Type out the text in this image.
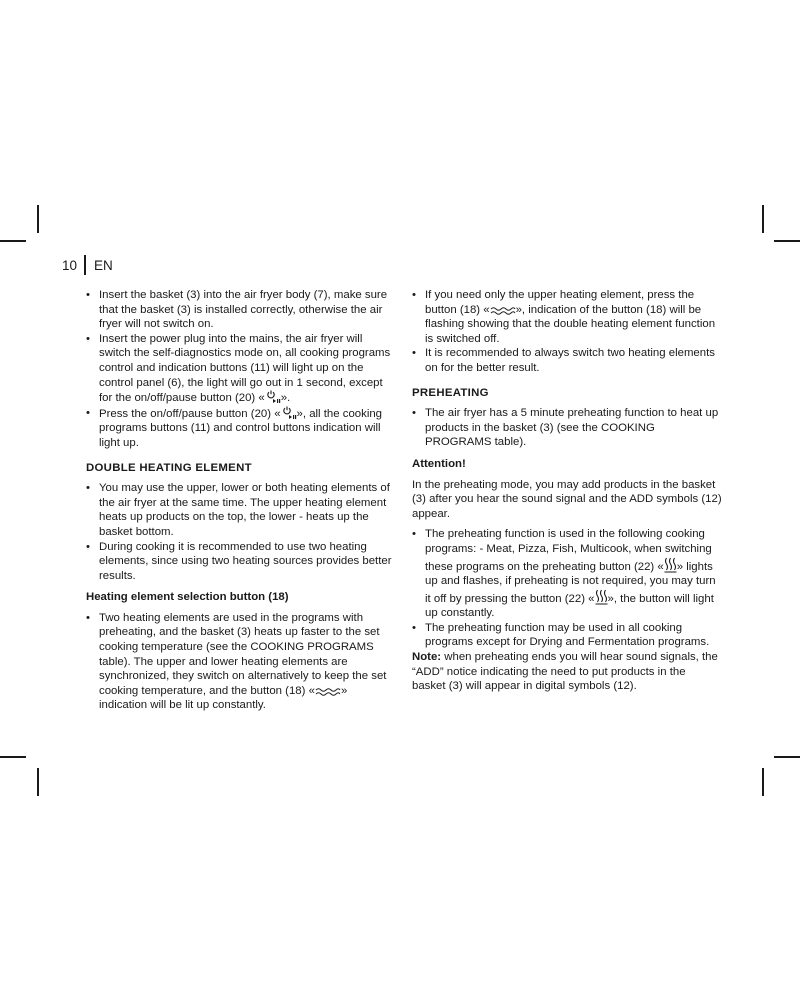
10 EN
• Insert the basket (3) into the air fryer body (7), make sure that the basket (3) is installed correctly, otherwise the air fryer will not switch on.
• Insert the power plug into the mains, the air fryer will switch the self-diagnostics mode on, all cooking programs control and indication buttons (11) will light up on the control panel (6), the light will go out in 1 second, except for the on/off/pause button (20) « ».
• Press the on/off/pause button (20) « », all the cooking programs buttons (11) and control buttons indication will light up.
DOUBLE HEATING ELEMENT
• You may use the upper, lower or both heating elements of the air fryer at the same time. The upper heating element heats up products on the top, the lower - heats up the basket bottom.
• During cooking it is recommended to use two heating elements, since using two heating sources provides better results.
Heating element selection button (18)
• Two heating elements are used in the programs with preheating, and the basket (3) heats up faster to the set cooking temperature (see the COOKING PROGRAMS table). The upper and lower heating elements are synchronized, they switch on alternatively to keep the set cooking temperature, and the button (18) « » indication will be lit up constantly.
• If you need only the upper heating element, press the button (18) « », indication of the button (18) will be flashing showing that the double heating element function is switched off.
• It is recommended to always switch two heating elements on for the better result.
PREHEATING
• The air fryer has a 5 minute preheating function to heat up products in the basket (3) (see the COOKING PROGRAMS table).
Attention!

In the preheating mode, you may add products in the basket (3) after you hear the sound signal and the ADD symbols (12) appear.

• The preheating function is used in the following cooking programs: - Meat, Pizza, Fish, Multicook, when switching these programs on the preheating button (22) « » lights up and flashes, if preheating is not required, you may turn it off by pressing the button (22) « », the button will light up constantly.
• The preheating function may be used in all cooking programs except for Drying and Fermentation programs.

Note: when preheating ends you will hear sound signals, the “ADD” notice indicating the need to put products in the basket (3) will appear in digital symbols (12).
